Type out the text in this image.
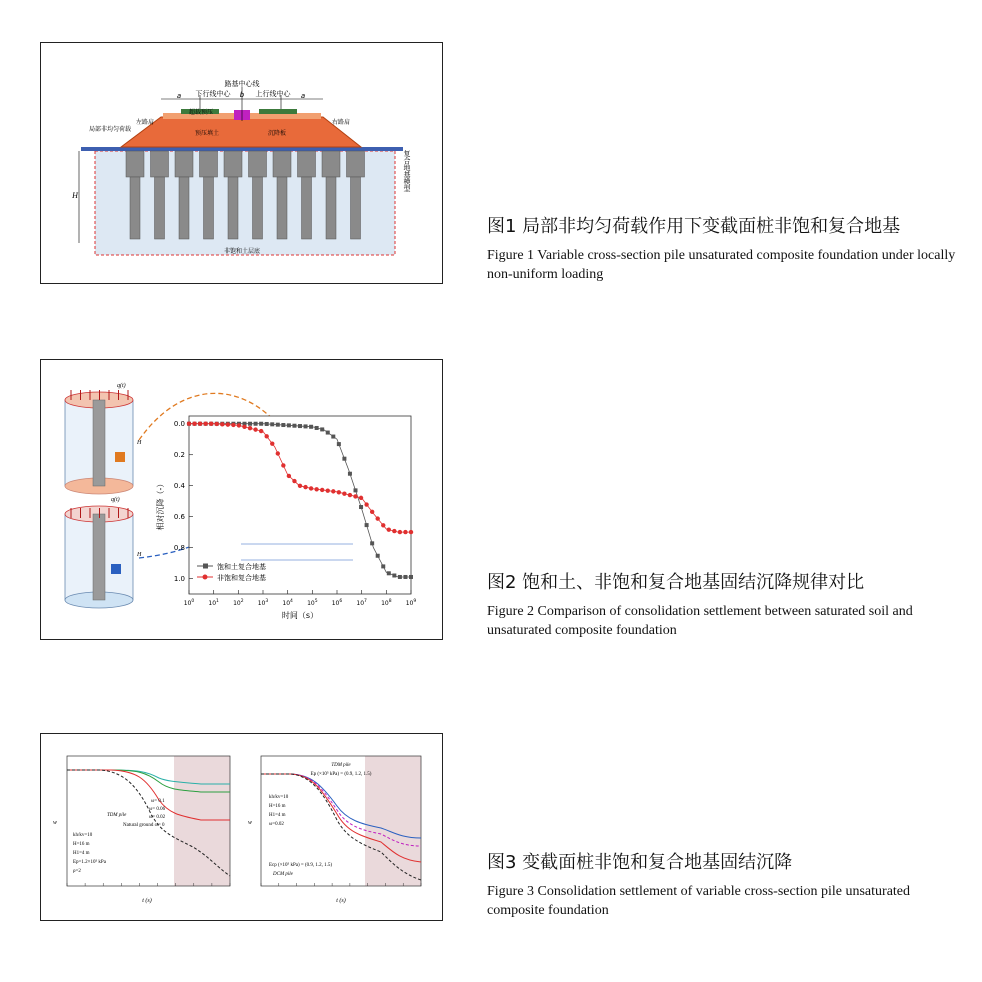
路基中心线
下行线中心	上行线中心
a	b	a
超载预压
左路肩	右路肩
局部非均匀荷载
预压填土	沉降板
H
非饱和土层底
复合地基模型
图1 局部非均匀荷载作用下变截面桩非饱和复合地基
Figure 1 Variable cross-section pile unsaturated composite foundation under locally non-uniform loading
q(t)
q(t)
H
H
0.0
0.2
0.4
0.6
0.8
1.0
$10^0$ $10^1$ $10^2$ $10^3$ $10^4$ $10^5$ $10^6$ $10^7$ $10^8$ $10^9$
相对沉降（-）
时间（s）
饱和土复合地基
非饱和复合地基	图2 饱和土、非饱和复合地基固结沉降规律对比
Figure 2 Comparison of consolidation settlement between saturated soil and unsaturated composite foundation
ω= 0.1
ω= 0.06
ω= 0.02
Natural ground ω= 0
TDM pile
kh/kv=10
H=16 m
H1=4 m
Ep=1.2×10⁵ kPa
ρ=2
t (s)
w
TDM pile
Ep (×10⁵ kPa) = (0.9, 1.2, 1.5)
kh/kv=10
H=16 m
H1=4 m
ω=0.02
Ecp (×10⁵ kPa) = (0.9, 1.2, 1.5)
DCM pile
t (s)
w
图3 变截面桩非饱和复合地基固结沉降
Figure 3 Consolidation settlement of variable cross-section pile unsaturated composite foundation
